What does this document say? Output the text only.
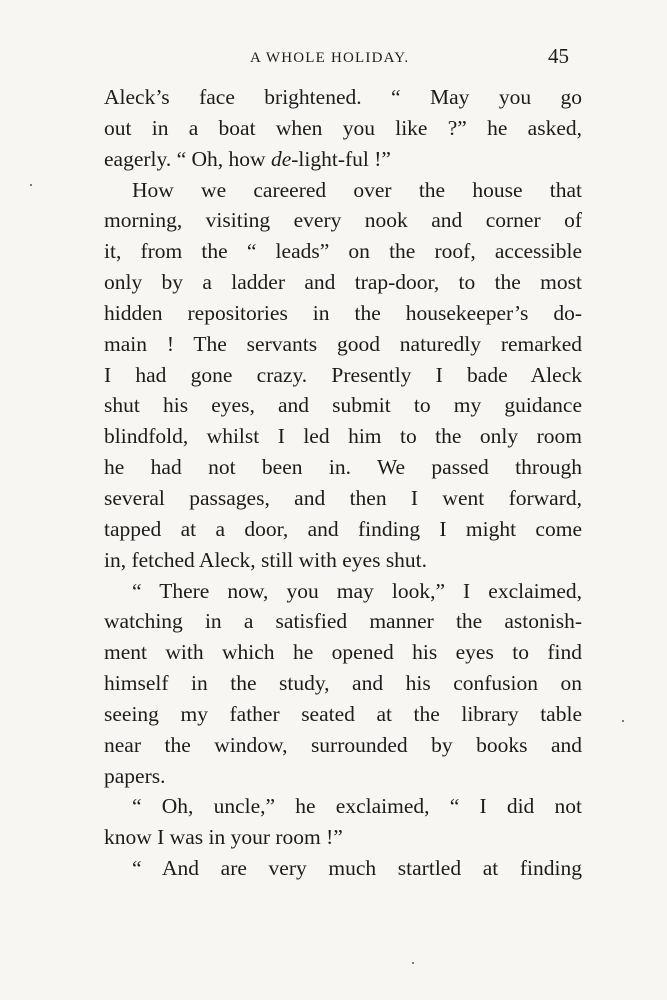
A WHOLE HOLIDAY.	45
Aleck’s face brightened. “ May you go
out in a boat when you like ?” he asked,
eagerly. “ Oh, how de-light-ful !”
How we careered over the house that
morning, visiting every nook and corner of
it, from the “ leads” on the roof, accessible
only by a ladder and trap-door, to the most
hidden repositories in the housekeeper’s do-
main ! The servants good naturedly remarked
I had gone crazy. Presently I bade Aleck
shut his eyes, and submit to my guidance
blindfold, whilst I led him to the only room
he had not been in. We passed through
several passages, and then I went forward,
tapped at a door, and finding I might come
in, fetched Aleck, still with eyes shut.
“ There now, you may look,” I exclaimed,
watching in a satisfied manner the astonish-
ment with which he opened his eyes to find
himself in the study, and his confusion on
seeing my father seated at the library table
near the window, surrounded by books and
papers.
“ Oh, uncle,” he exclaimed, “ I did not
know I was in your room !”
“ And are very much startled at finding
